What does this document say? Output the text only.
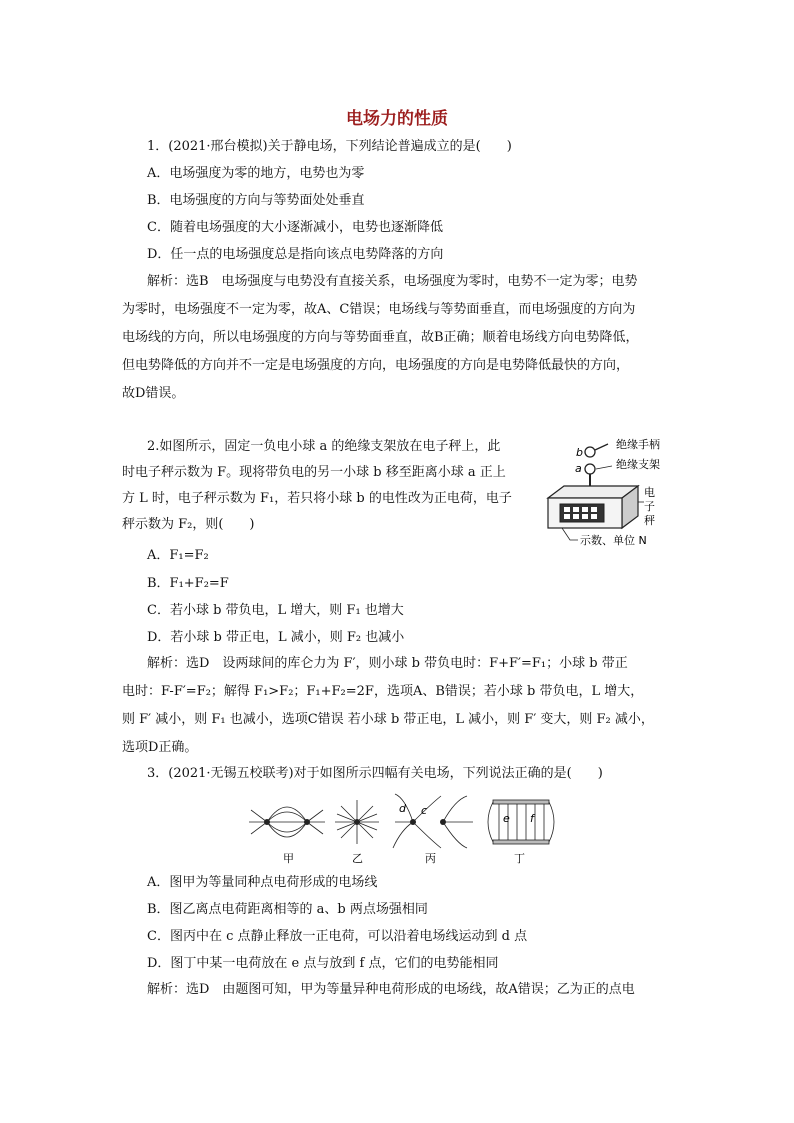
电场力的性质
1．(2021·邢台模拟)关于静电场，下列结论普遍成立的是(　　)
A．电场强度为零的地方，电势也为零
B．电场强度的方向与等势面处处垂直
C．随着电场强度的大小逐渐减小，电势也逐渐降低
D．任一点的电场强度总是指向该点电势降落的方向
解析：选B　电场强度与电势没有直接关系，电场强度为零时，电势不一定为零；电势
为零时，电场强度不一定为零，故A、C错误；电场线与等势面垂直，而电场强度的方向为
电场线的方向，所以电场强度的方向与等势面垂直，故B正确；顺着电场线方向电势降低，
但电势降低的方向并不一定是电场强度的方向，电场强度的方向是电势降低最快的方向，
故D错误。
2.如图所示，固定一负电小球 a 的绝缘支架放在电子秤上，此
时电子秤示数为 F。现将带负电的另一小球 b 移至距离小球 a 正上
方 L 时，电子秤示数为 F₁，若只将小球 b 的电性改为正电荷，电子
秤示数为 F₂，则(　　)
b
绝缘手柄
a	绝缘支架
电
子
秤
示数、单位 N
A．F₁=F₂
B．F₁+F₂=F
C．若小球 b 带负电，L 增大，则 F₁ 也增大
D．若小球 b 带正电，L 减小，则 F₂ 也减小
解析：选D　设两球间的库仑力为 F′，则小球 b 带负电时：F+F′=F₁；小球 b 带正
电时：F-F′=F₂；解得 F₁>F₂；F₁+F₂=2F，选项A、B错误；若小球 b 带负电，L 增大，
则 F′ 减小，则 F₁ 也减小，选项C错误 若小球 b 带正电，L 减小，则 F′ 变大，则 F₂ 减小，
选项D正确。
3．(2021·无锡五校联考)对于如图所示四幅有关电场，下列说法正确的是(　　)
甲	乙
d c
丙
e f
丁
A．图甲为等量同种点电荷形成的电场线
B．图乙离点电荷距离相等的 a、b 两点场强相同
C．图丙中在 c 点静止释放一正电荷，可以沿着电场线运动到 d 点
D．图丁中某一电荷放在 e 点与放到 f 点，它们的电势能相同
解析：选D　由题图可知，甲为等量异种电荷形成的电场线，故A错误；乙为正的点电
